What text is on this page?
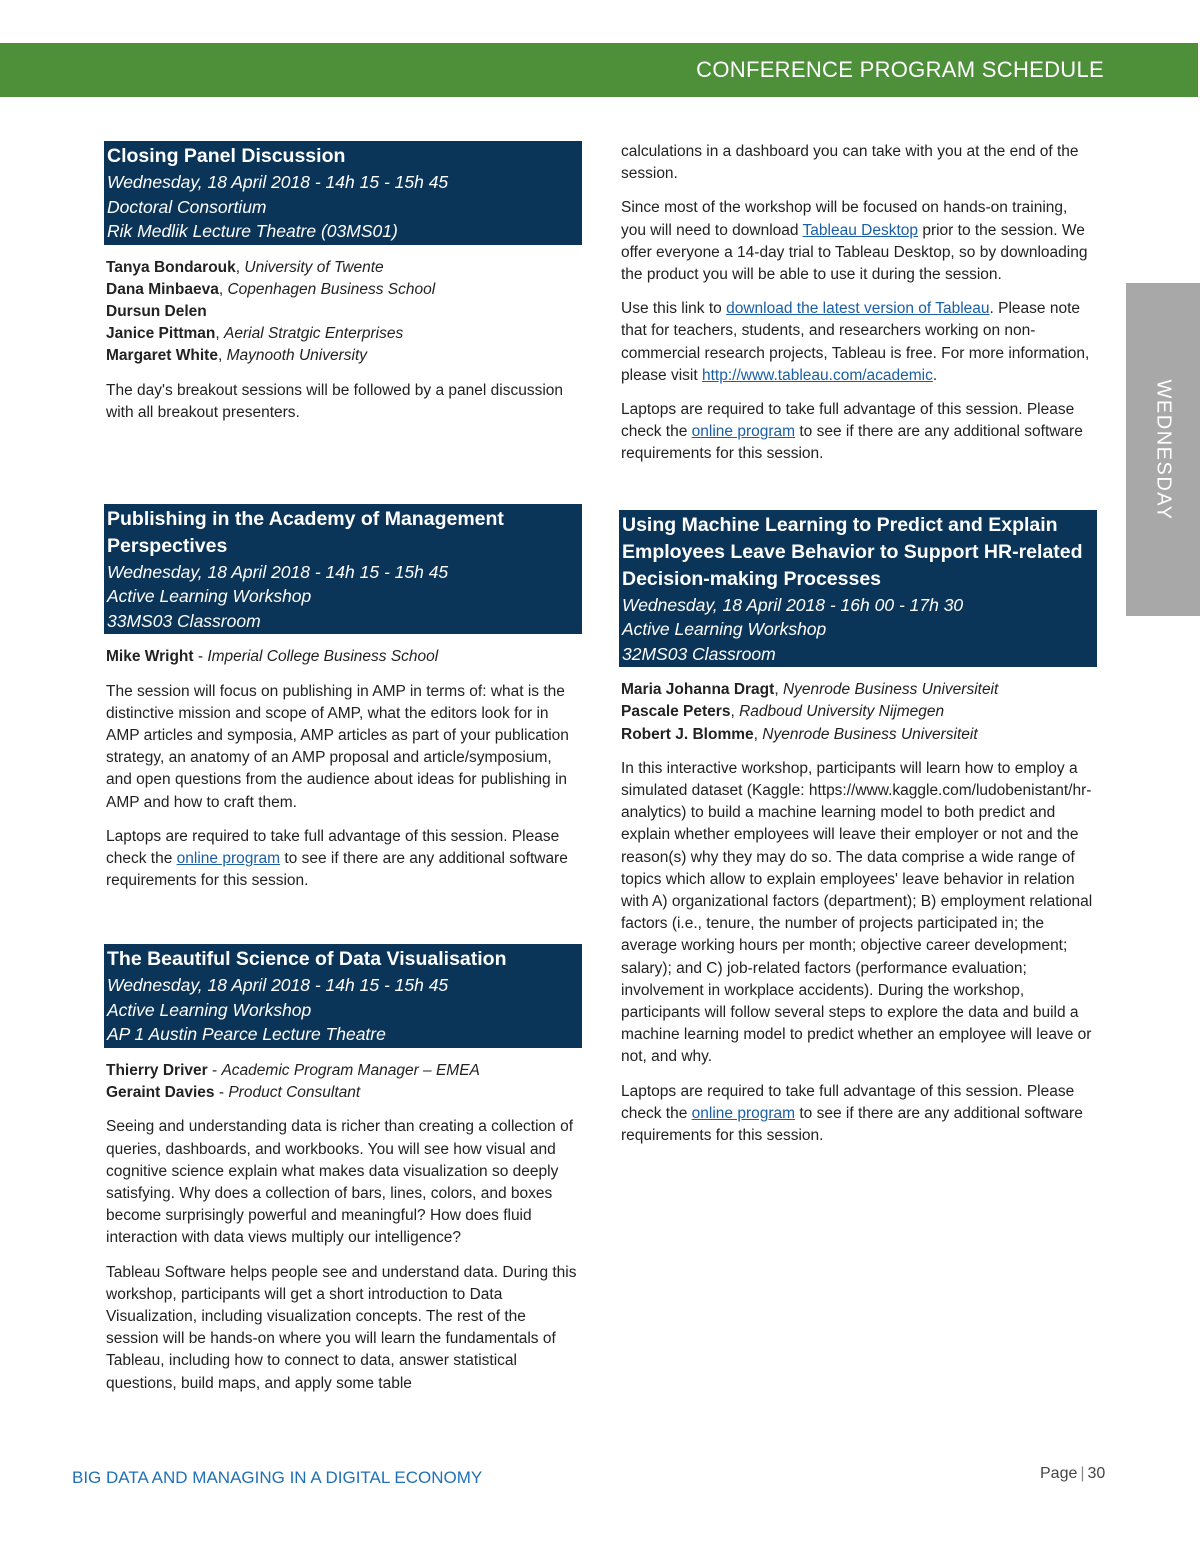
CONFERENCE PROGRAM SCHEDULE
WEDNESDAY
Closing Panel Discussion
Wednesday, 18 April 2018 - 14h 15 - 15h 45
Doctoral Consortium
Rik Medlik Lecture Theatre (03MS01)
Tanya Bondarouk, University of Twente
Dana Minbaeva, Copenhagen Business School
Dursun Delen
Janice Pittman, Aerial Stratgic Enterprises
Margaret White, Maynooth University

The day's breakout sessions will be followed by a panel discussion with all breakout presenters.

Publishing in the Academy of Management Perspectives
Wednesday, 18 April 2018 - 14h 15 - 15h 45
Active Learning Workshop
33MS03 Classroom
Mike Wright - Imperial College Business School

The session will focus on publishing in AMP in terms of: what is the distinctive mission and scope of AMP, what the editors look for in AMP articles and symposia, AMP articles as part of your publication strategy, an anatomy of an AMP proposal and article/symposium, and open questions from the audience about ideas for publishing in AMP and how to craft them.

Laptops are required to take full advantage of this session. Please check the online program to see if there are any additional software requirements for this session.

The Beautiful Science of Data Visualisation
Wednesday, 18 April 2018 - 14h 15 - 15h 45
Active Learning Workshop
AP 1 Austin Pearce Lecture Theatre
Thierry Driver - Academic Program Manager – EMEA
Geraint Davies - Product Consultant

Seeing and understanding data is richer than creating a collection of queries, dashboards, and workbooks. You will see how visual and cognitive science explain what makes data visualization so deeply satisfying. Why does a collection of bars, lines, colors, and boxes become surprisingly powerful and meaningful? How does fluid interaction with data views multiply our intelligence?

Tableau Software helps people see and understand data. During this workshop, participants will get a short introduction to Data Visualization, including visualization concepts. The rest of the session will be hands-on where you will learn the fundamentals of Tableau, including how to connect to data, answer statistical questions, build maps, and apply some table

calculations in a dashboard you can take with you at the end of the session.

Since most of the workshop will be focused on hands-on training, you will need to download Tableau Desktop prior to the session. We offer everyone a 14-day trial to Tableau Desktop, so by downloading the product you will be able to use it during the session.

Use this link to download the latest version of Tableau. Please note that for teachers, students, and researchers working on non-commercial research projects, Tableau is free. For more information, please visit http://www.tableau.com/academic.

Laptops are required to take full advantage of this session. Please check the online program to see if there are any additional software requirements for this session.

Using Machine Learning to Predict and Explain Employees Leave Behavior to Support HR-related Decision-making Processes
Wednesday, 18 April 2018 - 16h 00 - 17h 30
Active Learning Workshop
32MS03 Classroom
Maria Johanna Dragt, Nyenrode Business Universiteit
Pascale Peters, Radboud University Nijmegen
Robert J. Blomme, Nyenrode Business Universiteit

In this interactive workshop, participants will learn how to employ a simulated dataset (Kaggle: https://www.kaggle.com/ludobenistant/hr-analytics) to build a machine learning model to both predict and explain whether employees will leave their employer or not and the reason(s) why they may do so. The data comprise a wide range of topics which allow to explain employees' leave behavior in relation with A) organizational factors (department); B) employment relational factors (i.e., tenure, the number of projects participated in; the average working hours per month; objective career development; salary); and C) job-related factors (performance evaluation; involvement in workplace accidents). During the workshop, participants will follow several steps to explore the data and build a machine learning model to predict whether an employee will leave or not, and why.

Laptops are required to take full advantage of this session. Please check the online program to see if there are any additional software requirements for this session.

BIG DATA AND MANAGING IN A DIGITAL ECONOMY	Page | 30
